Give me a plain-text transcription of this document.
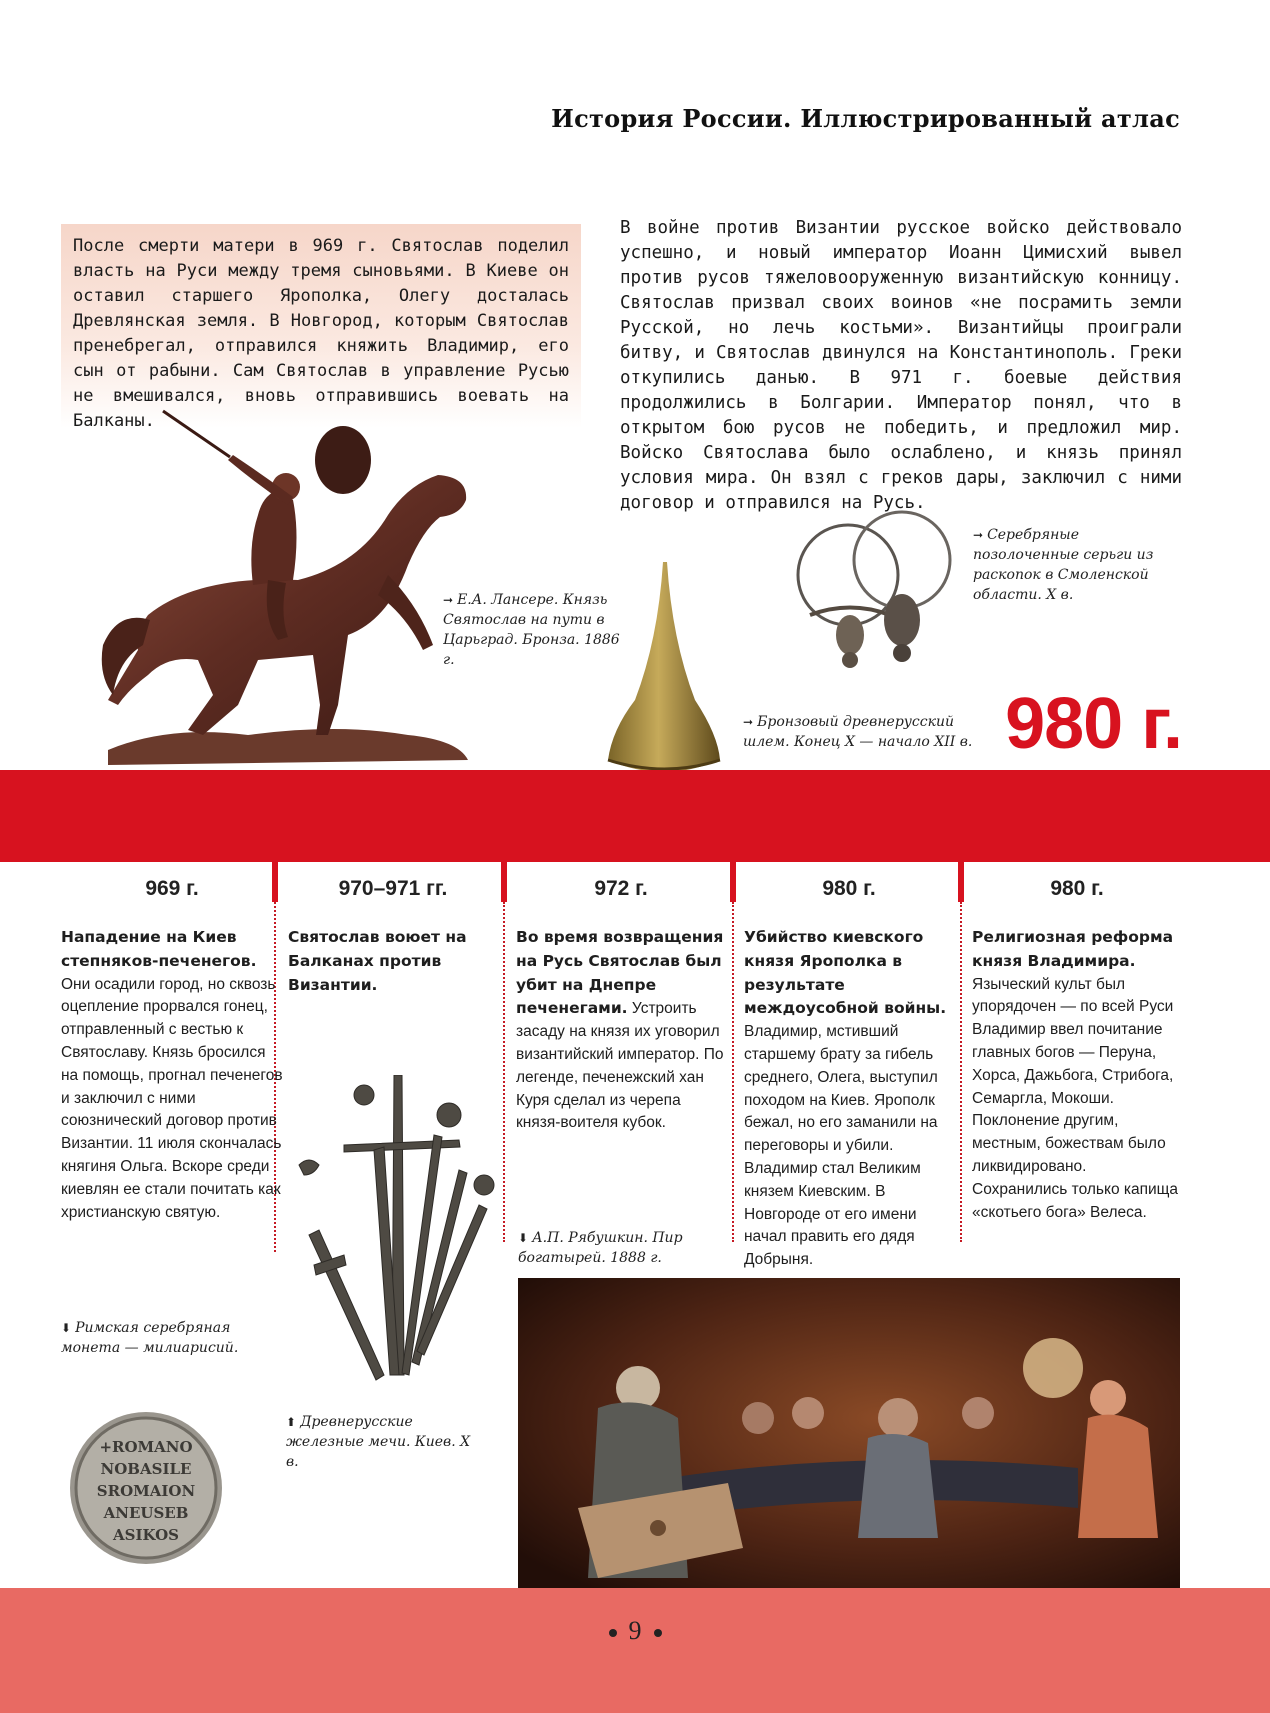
История России. Иллюстрированный атлас
После смерти матери в 969 г. Святослав поделил власть на Руси между тремя сыновьями. В Киеве он оставил старшего Ярополка, Олегу досталась Древлянская земля. В Новгород, которым Святослав пренебрегал, отправился княжить Владимир, его сын от рабыни. Сам Святослав в управление Русью не вмешивался, вновь отправившись воевать на Балканы.
В войне против Византии русское войско действовало успешно, и новый император Иоанн Цимисхий вывел против русов тяжеловооруженную византийскую конницу. Святослав призвал своих воинов «не посрамить земли Русской, но лечь костьми». Византийцы проиграли битву, и Святослав двинулся на Константинополь. Греки откупились данью. В 971 г. боевые действия продолжились в Болгарии. Император понял, что в открытом бою русов не победить, и предложил мир. Войско Святослава было ослаблено, и князь принял условия мира. Он взял с греков дары, заключил с ними договор и отправился на Русь.
➞ Е.А. Лансере. Князь Святослав на пути в Царьград. Бронза. 1886 г.
➞ Бронзовый древнерусский шлем. Конец X — начало XII в.
➞ Серебряные позолоченные серьги из раскопок в Смоленской области. X в.
980 г.
969 г.
Нападение на Киев степняков-печенегов. Они осадили город, но сквозь оцепление прорвался гонец, отправленный с вестью к Святославу. Князь бросился на помощь, прогнал печенегов и заключил с ними союзнический договор против Византии. 11 июля скончалась княгиня Ольга. Вскоре среди киевлян ее стали почитать как христианскую святую.
970–971 гг.
Святослав воюет на Балканах против Византии.
972 г.
Во время возвращения на Русь Святослав был убит на Днепре печенегами. Устроить засаду на князя их уговорил византийский император. По легенде, печенежский хан Куря сделал из черепа князя-воителя кубок.
980 г.
Убийство киевского князя Ярополка в результате междоусобной войны. Владимир, мстивший старшему брату за гибель среднего, Олега, выступил походом на Киев. Ярополк бежал, но его заманили на переговоры и убили. Владимир стал Великим князем Киевским. В Новгороде от его имени начал править его дядя Добрыня.
980 г.
Религиозная реформа князя Владимира. Языческий культ был упорядочен — по всей Руси Владимир ввел почитание главных богов — Перуна, Хорса, Дажьбога, Стрибога, Семаргла, Мокоши. Поклонение другим, местным, божествам было ликвидировано. Сохранились только капища «скотьего бога» Велеса.
⬇ Римская серебряная монета — милиарисий.
+ROMANO
NOBASILE
SROMAION
ANEUSEB
ASIKOS
⬆ Древнерусские железные мечи. Киев. X в.
⬇ А.П. Рябушкин. Пир богатырей. 1888 г.
9
